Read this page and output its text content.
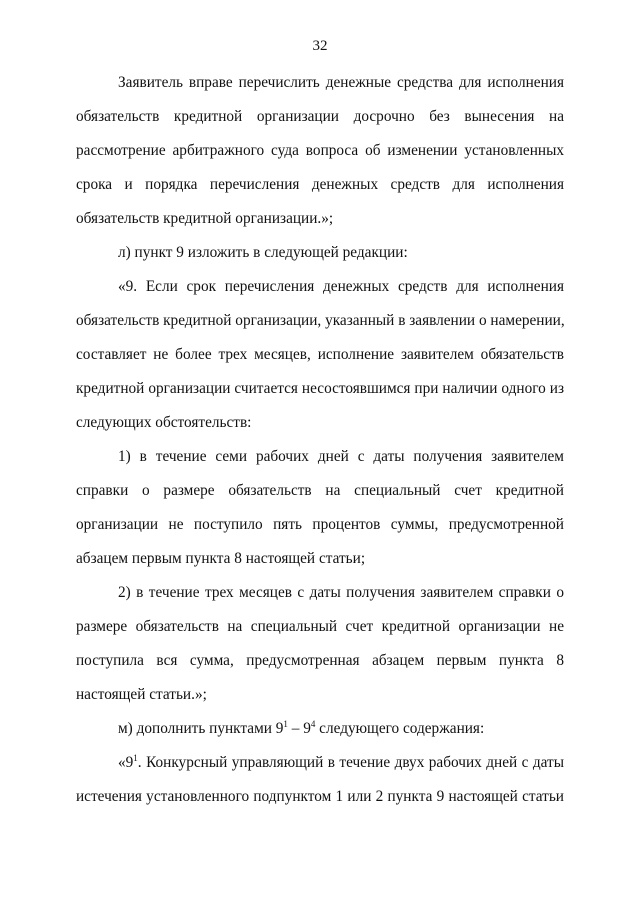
32
Заявитель вправе перечислить денежные средства для исполнения
обязательств кредитной организации досрочно без вынесения на
рассмотрение арбитражного суда вопроса об изменении установленных
срока и порядка перечисления денежных средств для исполнения
обязательств кредитной организации.»;
л) пункт 9 изложить в следующей редакции:
«9. Если срок перечисления денежных средств для исполнения
обязательств кредитной организации, указанный в заявлении о намерении,
составляет не более трех месяцев, исполнение заявителем обязательств
кредитной организации считается несостоявшимся при наличии одного из
следующих обстоятельств:
1) в течение семи рабочих дней с даты получения заявителем
справки о размере обязательств на специальный счет кредитной
организации не поступило пять процентов суммы, предусмотренной
абзацем первым пункта 8 настоящей статьи;
2) в течение трех месяцев с даты получения заявителем справки о
размере обязательств на специальный счет кредитной организации не
поступила вся сумма, предусмотренная абзацем первым пункта 8
настоящей статьи.»;
м) дополнить пунктами $9^1 - 9^4$ следующего содержания:
«$9^1$. Конкурсный управляющий в течение двух рабочих дней с даты
истечения установленного подпунктом 1 или 2 пункта 9 настоящей статьи
